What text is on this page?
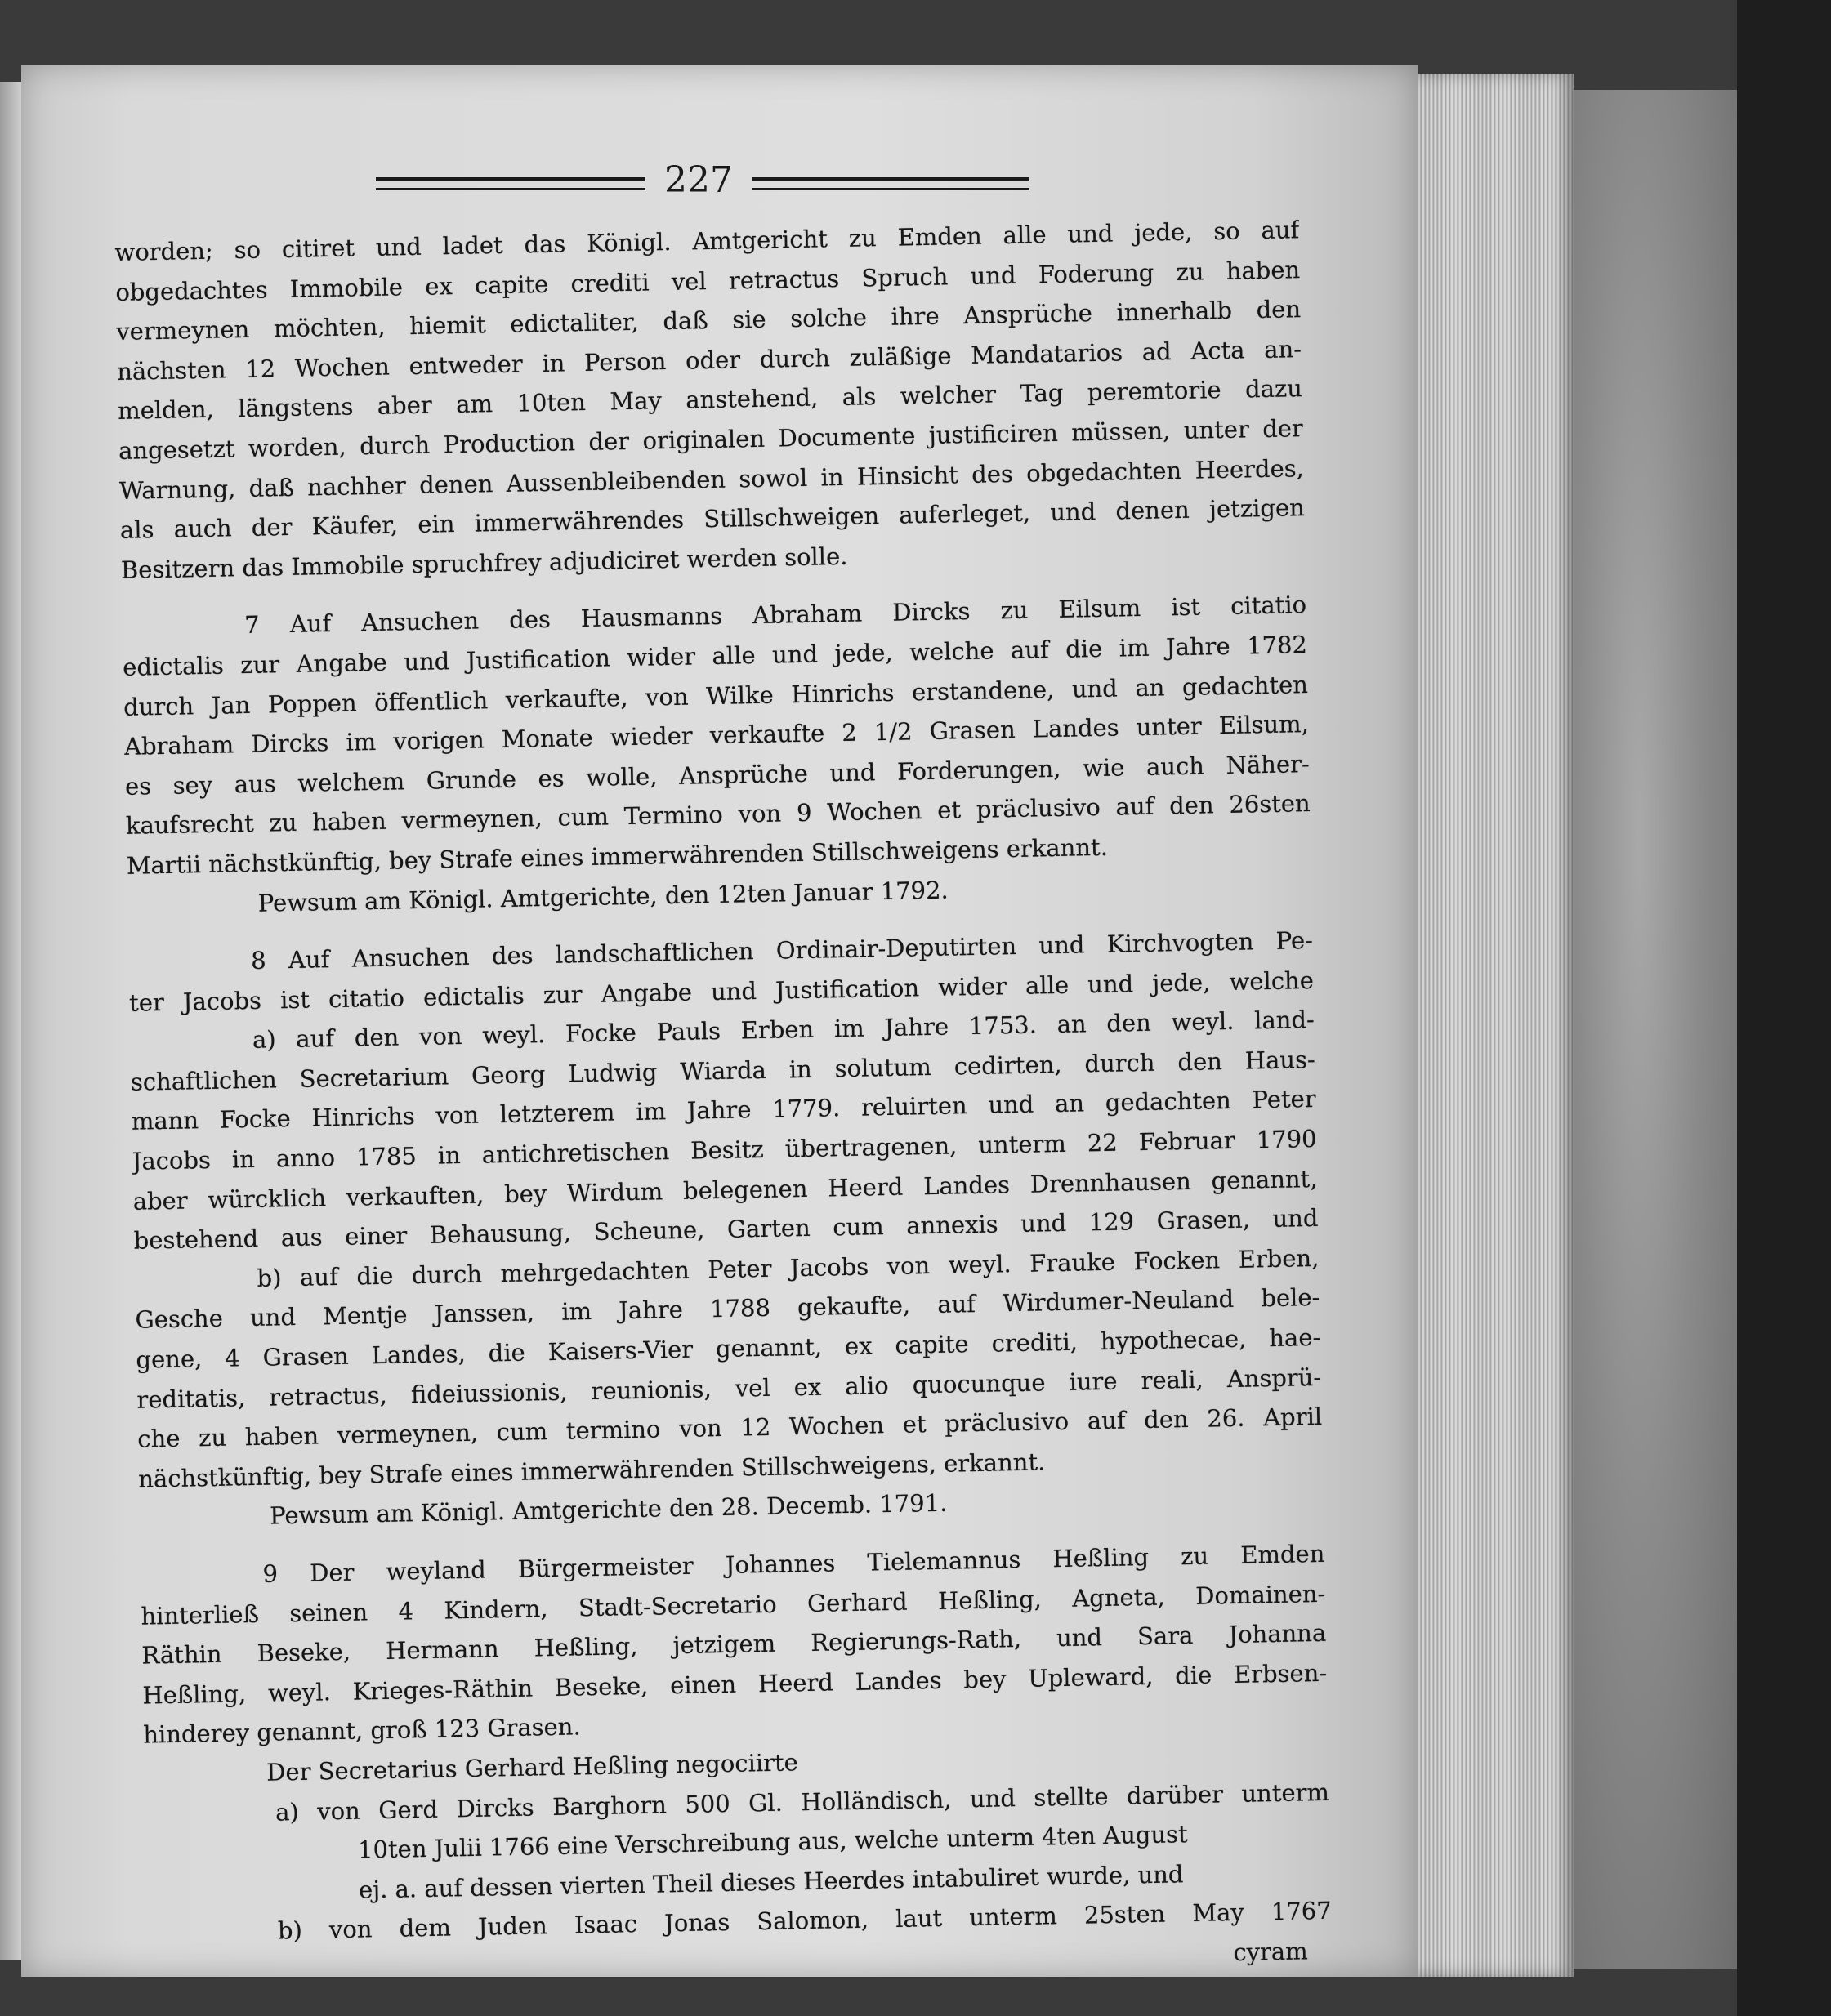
227
worden; so citiret und ladet das Königl. Amtgericht zu Emden alle und jede, so auf
obgedachtes Immobile ex capite crediti vel retractus Spruch und Foderung zu haben
vermeynen möchten, hiemit edictaliter, daß sie solche ihre Ansprüche innerhalb den
nächsten 12 Wochen entweder in Person oder durch zuläßige Mandatarios ad Acta an-
melden, längstens aber am 10ten May anstehend, als welcher Tag peremtorie dazu
angesetzt worden, durch Production der originalen Documente justificiren müssen, unter der
Warnung, daß nachher denen Aussenbleibenden sowol in Hinsicht des obgedachten Heerdes,
als auch der Käufer, ein immerwährendes Stillschweigen auferleget, und denen jetzigen
Besitzern das Immobile spruchfrey adjudiciret werden solle.
7 Auf Ansuchen des Hausmanns Abraham Dircks zu Eilsum ist citatio
edictalis zur Angabe und Justification wider alle und jede, welche auf die im Jahre 1782
durch Jan Poppen öffentlich verkaufte, von Wilke Hinrichs erstandene, und an gedachten
Abraham Dircks im vorigen Monate wieder verkaufte 2 1/2 Grasen Landes unter Eilsum,
es sey aus welchem Grunde es wolle, Ansprüche und Forderungen, wie auch Näher-
kaufsrecht zu haben vermeynen, cum Termino von 9 Wochen et präclusivo auf den 26sten
Martii nächstkünftig, bey Strafe eines immerwährenden Stillschweigens erkannt.
Pewsum am Königl. Amtgerichte, den 12ten Januar 1792.
8 Auf Ansuchen des landschaftlichen Ordinair-Deputirten und Kirchvogten Pe-
ter Jacobs ist citatio edictalis zur Angabe und Justification wider alle und jede, welche
a) auf den von weyl. Focke Pauls Erben im Jahre 1753. an den weyl. land-
schaftlichen Secretarium Georg Ludwig Wiarda in solutum cedirten, durch den Haus-
mann Focke Hinrichs von letzterem im Jahre 1779. reluirten und an gedachten Peter
Jacobs in anno 1785 in antichretischen Besitz übertragenen, unterm 22 Februar 1790
aber würcklich verkauften, bey Wirdum belegenen Heerd Landes Drennhausen genannt,
bestehend aus einer Behausung, Scheune, Garten cum annexis und 129 Grasen, und
b) auf die durch mehrgedachten Peter Jacobs von weyl. Frauke Focken Erben,
Gesche und Mentje Janssen, im Jahre 1788 gekaufte, auf Wirdumer-Neuland bele-
gene, 4 Grasen Landes, die Kaisers-Vier genannt, ex capite crediti, hypothecae, hae-
reditatis, retractus, fideiussionis, reunionis, vel ex alio quocunque iure reali, Ansprü-
che zu haben vermeynen, cum termino von 12 Wochen et präclusivo auf den 26. April
nächstkünftig, bey Strafe eines immerwährenden Stillschweigens, erkannt.
Pewsum am Königl. Amtgerichte den 28. Decemb. 1791.
9 Der weyland Bürgermeister Johannes Tielemannus Heßling zu Emden
hinterließ seinen 4 Kindern, Stadt-Secretario Gerhard Heßling, Agneta, Domainen-
Räthin Beseke, Hermann Heßling, jetzigem Regierungs-Rath, und Sara Johanna
Heßling, weyl. Krieges-Räthin Beseke, einen Heerd Landes bey Upleward, die Erbsen-
hinderey genannt, groß 123 Grasen.
Der Secretarius Gerhard Heßling negociirte
a) von Gerd Dircks Barghorn 500 Gl. Holländisch, und stellte darüber unterm
10ten Julii 1766 eine Verschreibung aus, welche unterm 4ten August
ej. a. auf dessen vierten Theil dieses Heerdes intabuliret wurde, und
b) von dem Juden Isaac Jonas Salomon, laut unterm 25sten May 1767
cyram
